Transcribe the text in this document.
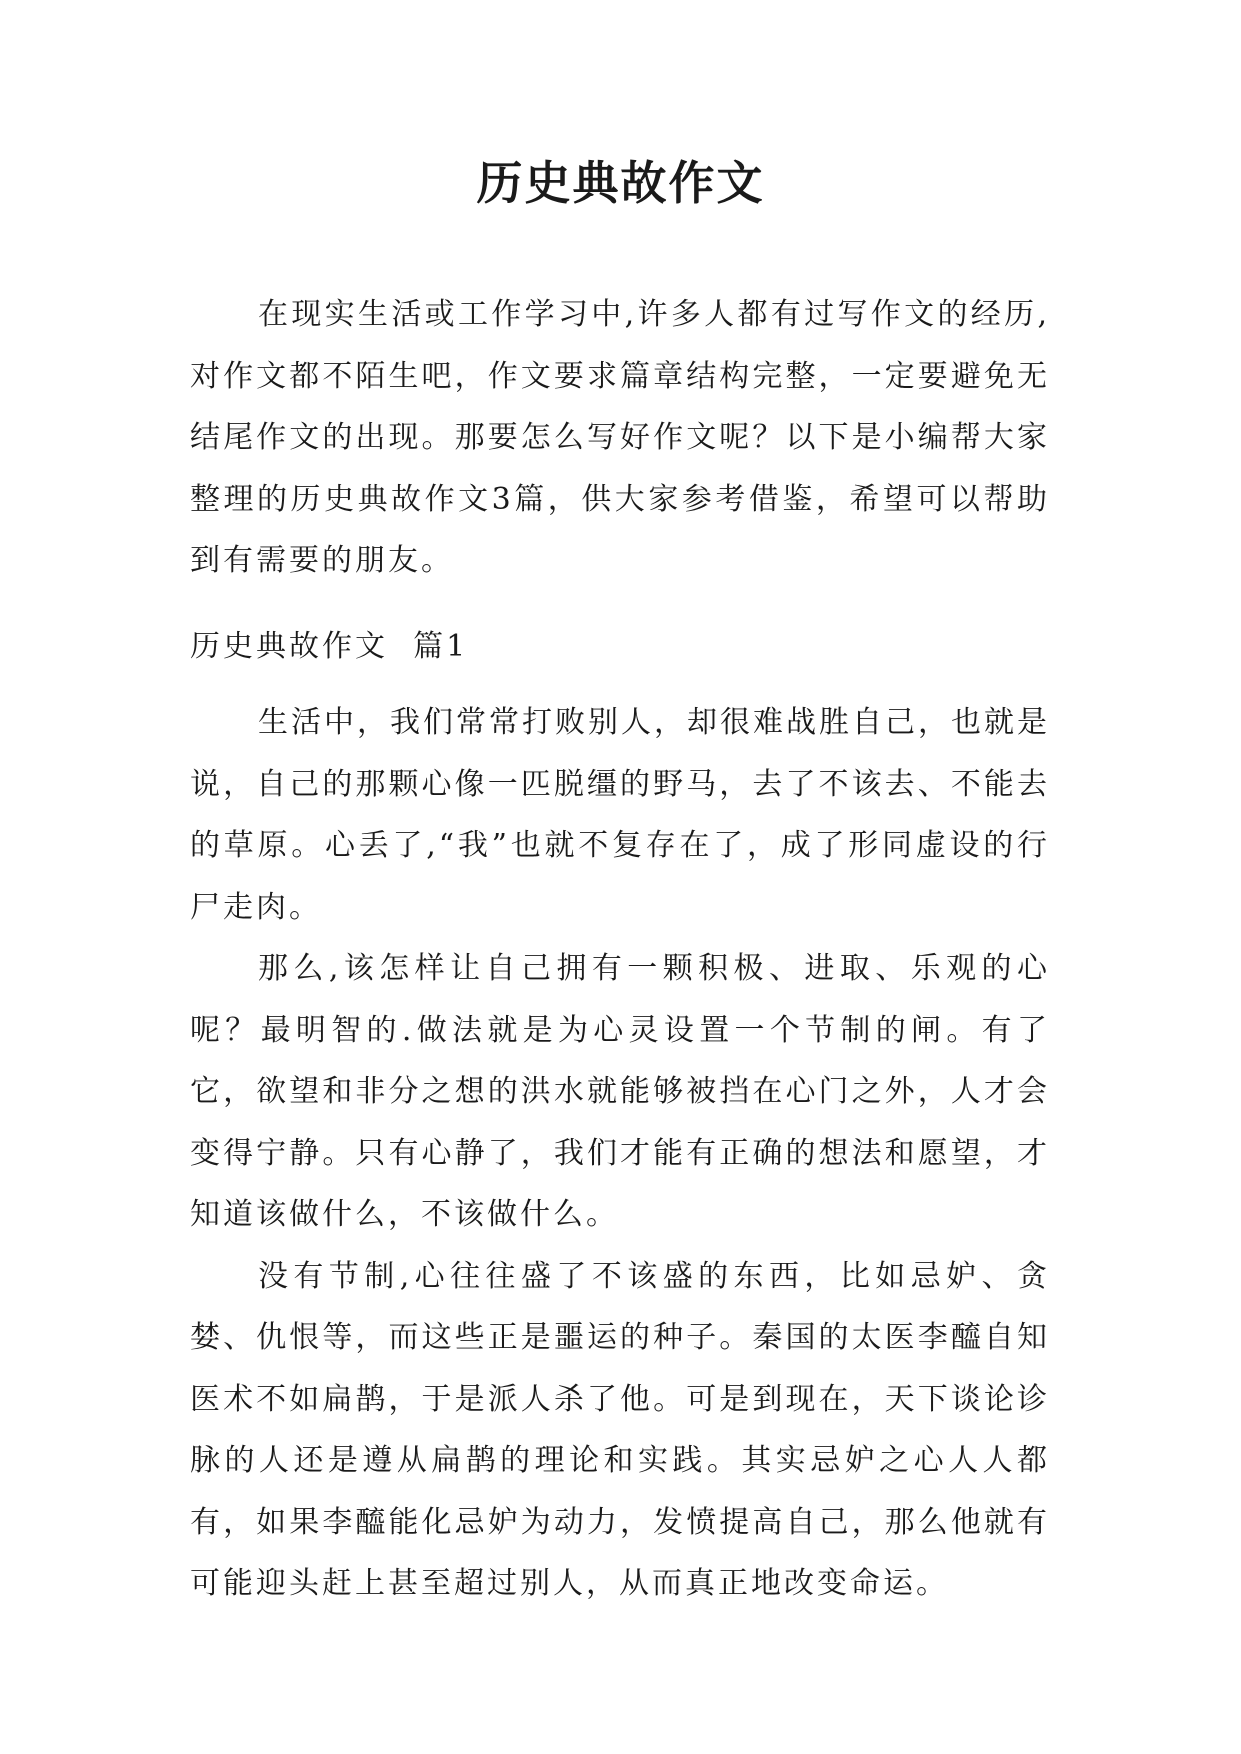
历史典故作文

在现实生活或工作学习中,许多人都有过写作文的经历,对作文都不陌生吧，作文要求篇章结构完整，一定要避免无结尾作文的出现。那要怎么写好作文呢？以下是小编帮大家整理的历史典故作文3篇，供大家参考借鉴，希望可以帮助到有需要的朋友。

历史典故作文  篇1

生活中，我们常常打败别人，却很难战胜自己，也就是说，自己的那颗心像一匹脱缰的野马，去了不该去、不能去的草原。心丢了,“我”也就不复存在了，成了形同虚设的行尸走肉。

那么,该怎样让自己拥有一颗积极、进取、乐观的心呢？最明智的.做法就是为心灵设置一个节制的闸。有了它，欲望和非分之想的洪水就能够被挡在心门之外，人才会变得宁静。只有心静了，我们才能有正确的想法和愿望，才知道该做什么，不该做什么。

没有节制,心往往盛了不该盛的东西，比如忌妒、贪婪、仇恨等，而这些正是噩运的种子。秦国的太医李醯自知医术不如扁鹊，于是派人杀了他。可是到现在，天下谈论诊脉的人还是遵从扁鹊的理论和实践。其实忌妒之心人人都有，如果李醯能化忌妒为动力，发愤提高自己，那么他就有可能迎头赶上甚至超过别人，从而真正地改变命运。
